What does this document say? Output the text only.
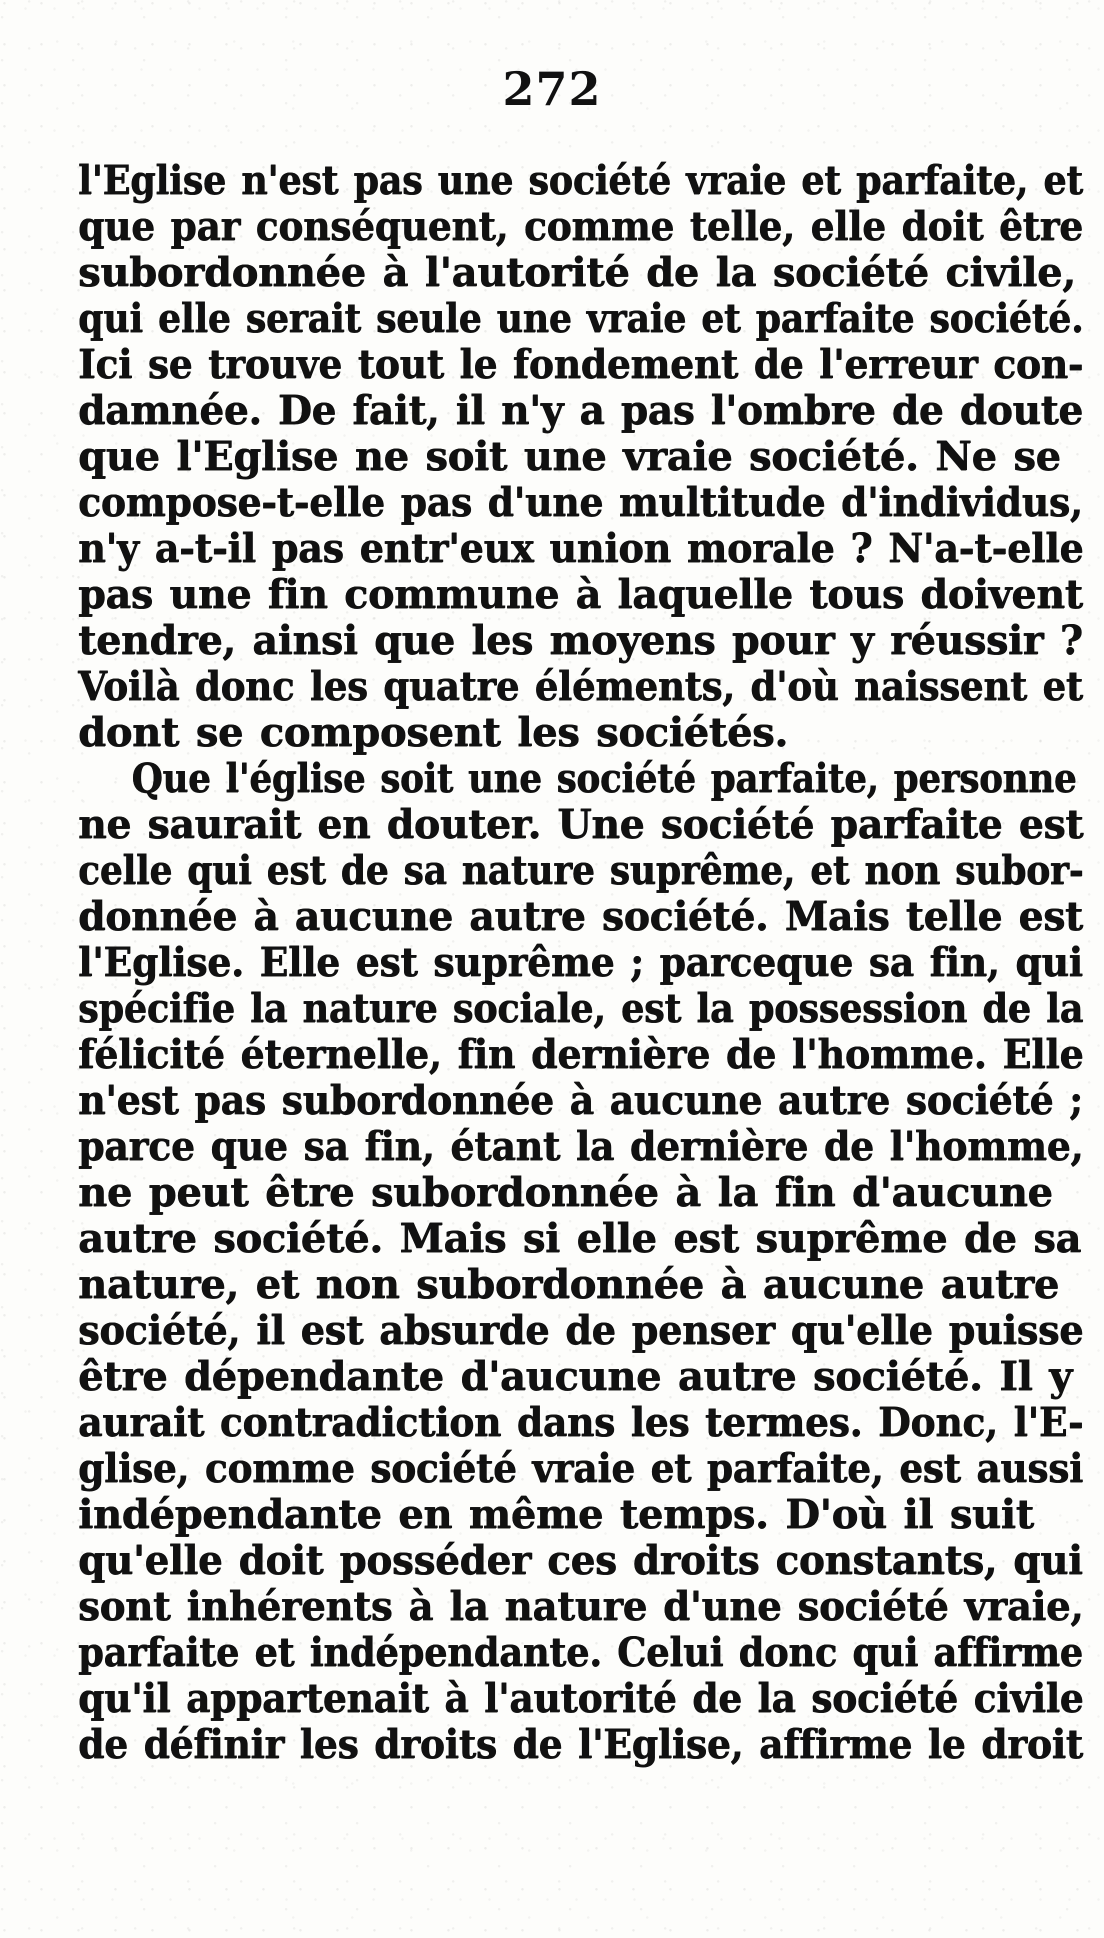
272
l'Eglise n'est pas une société vraie et parfaite, et
que par conséquent, comme telle, elle doit être
subordonnée à l'autorité de la société civile,
qui elle serait seule une vraie et parfaite société.
Ici se trouve tout le fondement de l'erreur con-
damnée. De fait, il n'y a pas l'ombre de doute
que l'Eglise ne soit une vraie société. Ne se
compose-t-elle pas d'une multitude d'individus,
n'y a-t-il pas entr'eux union morale ? N'a-t-elle
pas une fin commune à laquelle tous doivent
tendre, ainsi que les moyens pour y réussir ?
Voilà donc les quatre éléments, d'où naissent et
dont se composent les sociétés.
Que l'église soit une société parfaite, personne
ne saurait en douter. Une société parfaite est
celle qui est de sa nature suprême, et non subor-
donnée à aucune autre société. Mais telle est
l'Eglise. Elle est suprême ; parceque sa fin, qui
spécifie la nature sociale, est la possession de la
félicité éternelle, fin dernière de l'homme. Elle
n'est pas subordonnée à aucune autre société ;
parce que sa fin, étant la dernière de l'homme,
ne peut être subordonnée à la fin d'aucune
autre société. Mais si elle est suprême de sa
nature, et non subordonnée à aucune autre
société, il est absurde de penser qu'elle puisse
être dépendante d'aucune autre société. Il y
aurait contradiction dans les termes. Donc, l'E-
glise, comme société vraie et parfaite, est aussi
indépendante en même temps. D'où il suit
qu'elle doit posséder ces droits constants, qui
sont inhérents à la nature d'une société vraie,
parfaite et indépendante. Celui donc qui affirme
qu'il appartenait à l'autorité de la société civile
de définir les droits de l'Eglise, affirme le droit
